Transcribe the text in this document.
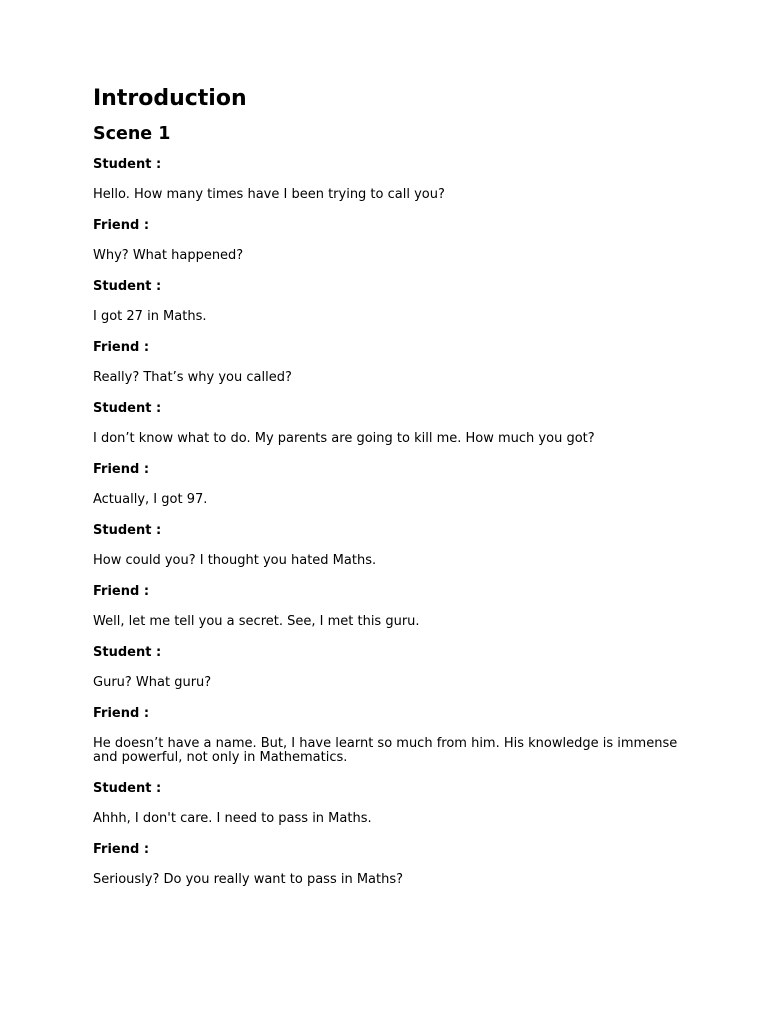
Introduction
Scene 1

Student :

Hello. How many times have I been trying to call you?

Friend :

Why? What happened?

Student :

I got 27 in Maths.

Friend :

Really? That’s why you called?

Student :

I don’t know what to do. My parents are going to kill me. How much you got?

Friend :

Actually, I got 97.

Student :

How could you? I thought you hated Maths.

Friend :

Well, let me tell you a secret. See, I met this guru.

Student :

Guru? What guru?

Friend :

He doesn’t have a name. But, I have learnt so much from him. His knowledge is immense and powerful, not only in Mathematics.

Student :

Ahhh, I don't care. I need to pass in Maths.

Friend :

Seriously? Do you really want to pass in Maths?
